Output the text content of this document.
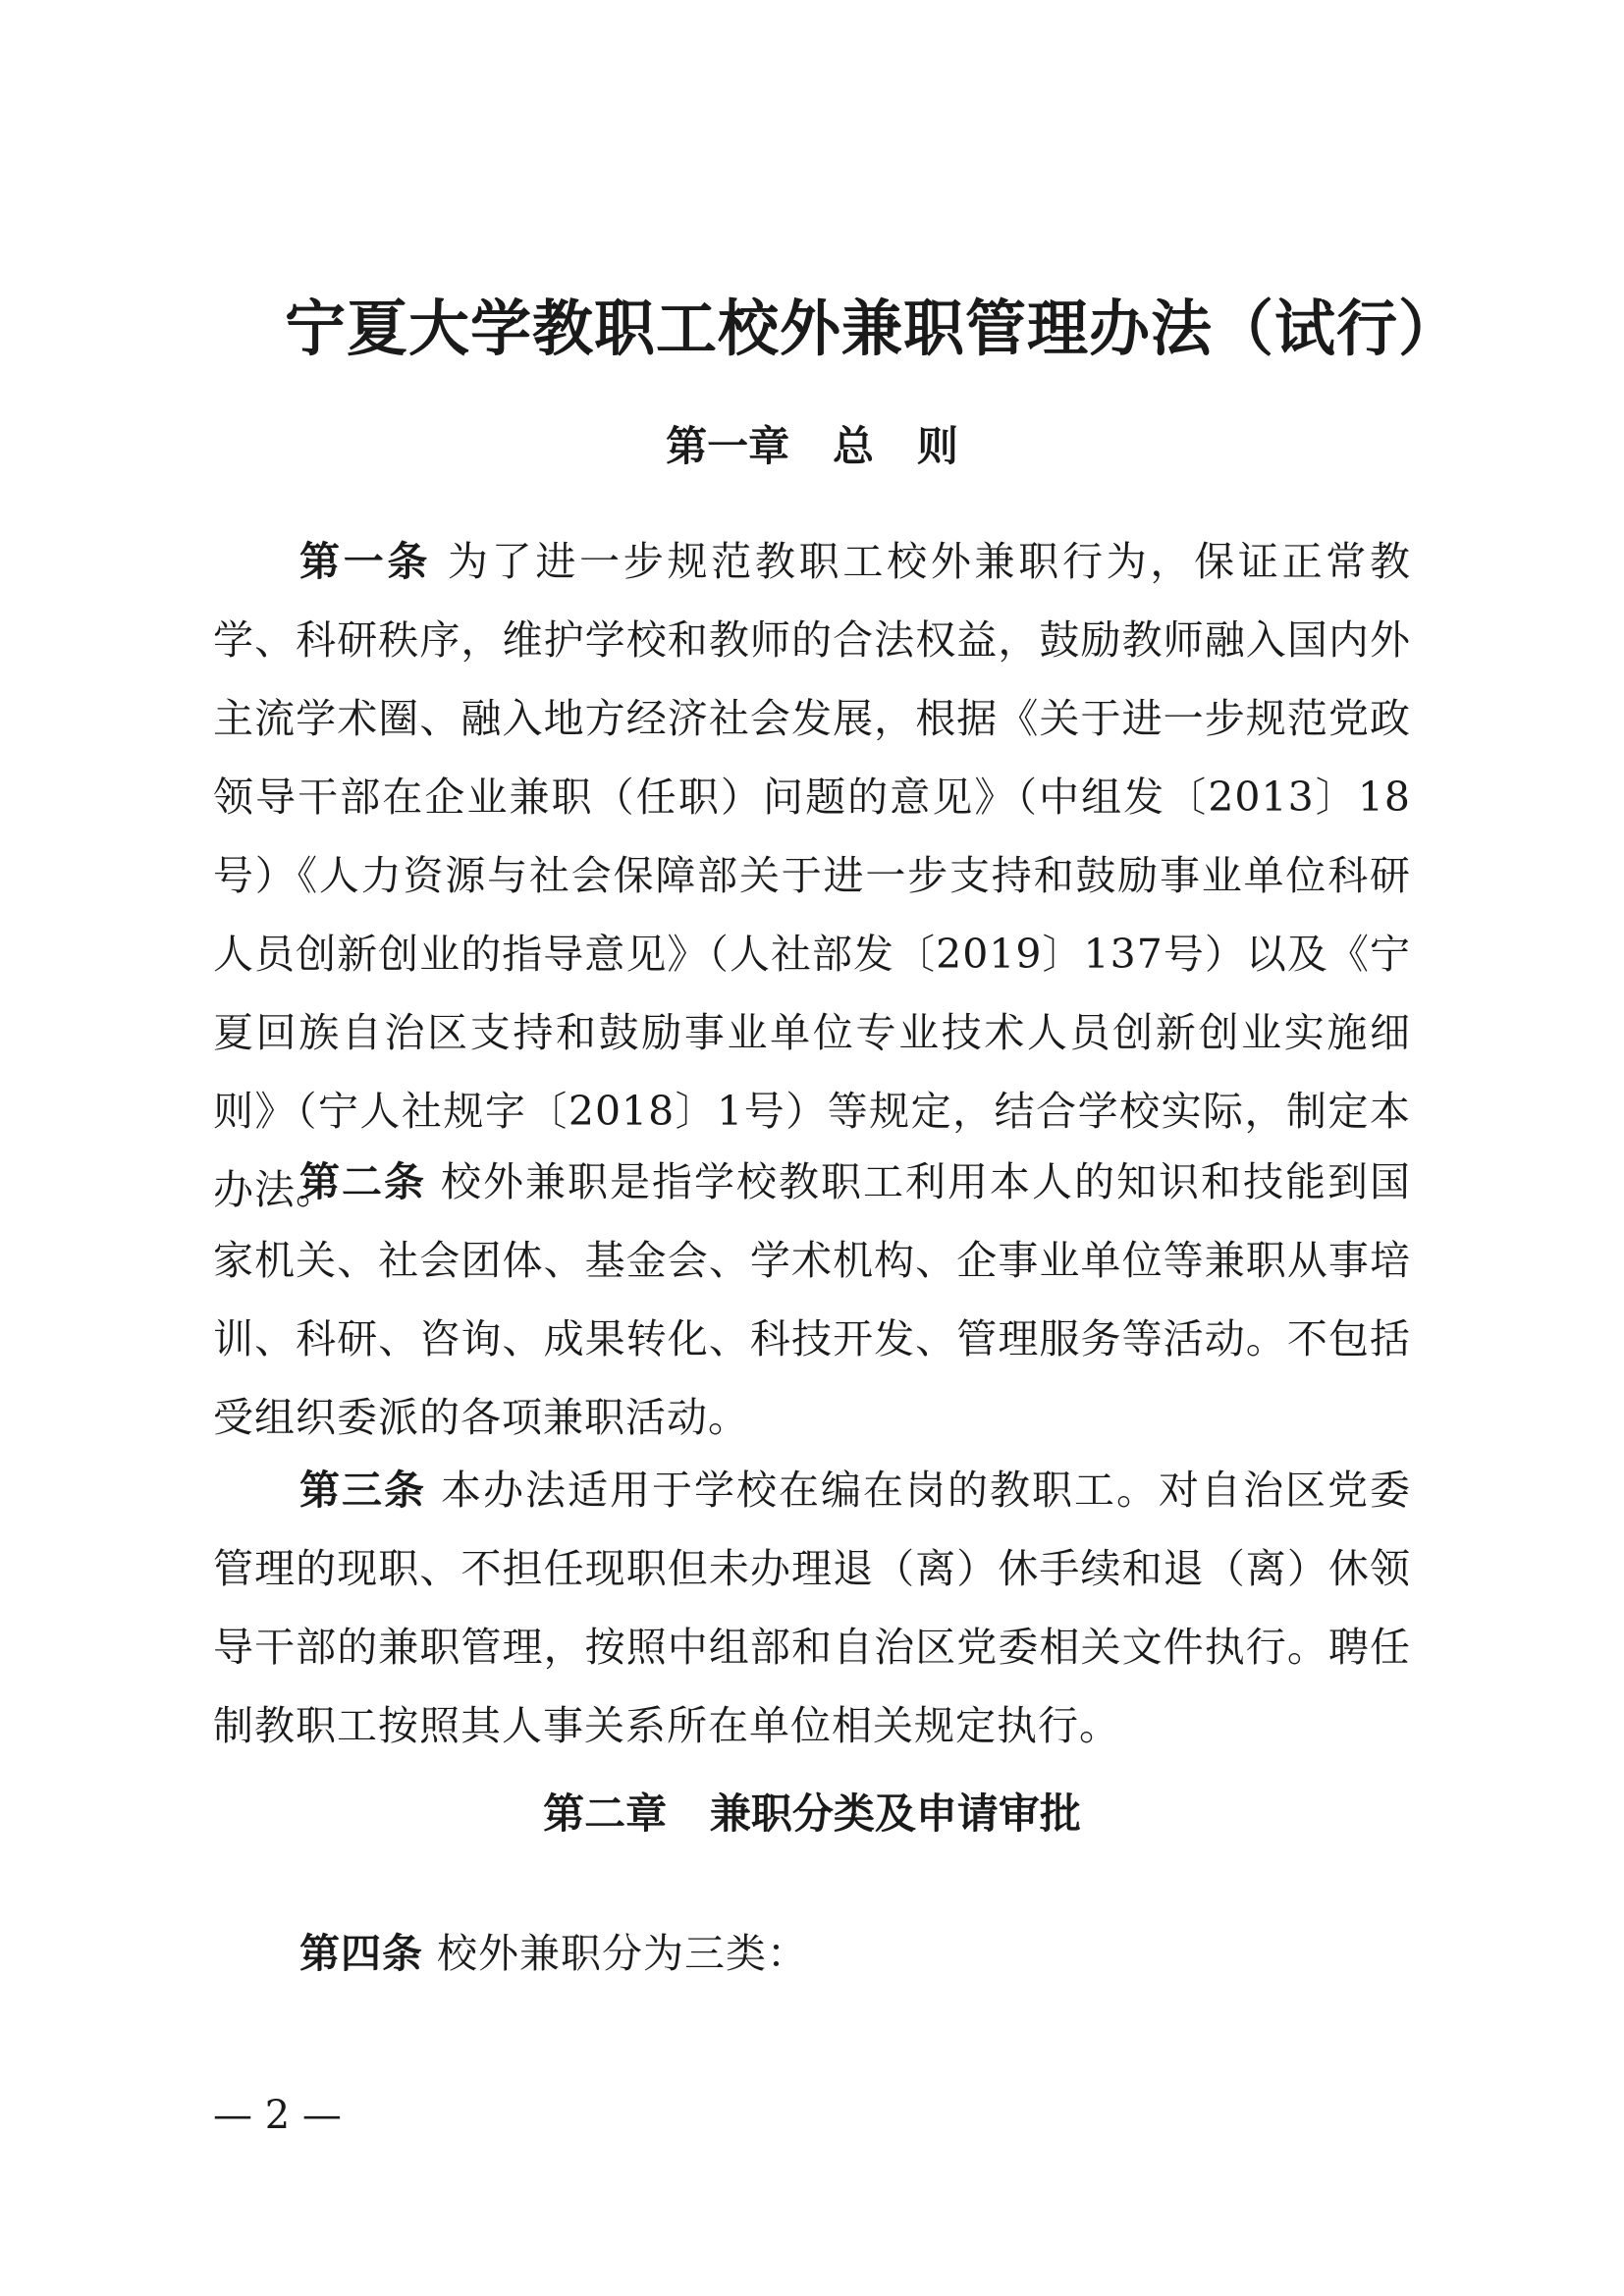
宁夏大学教职工校外兼职管理办法（试行）
第一章   总   则

第一条 为了进一步规范教职工校外兼职行为，保证正常教学、科研秩序，维护学校和教师的合法权益，鼓励教师融入国内外主流学术圈、融入地方经济社会发展，根据《关于进一步规范党政领导干部在企业兼职（任职）问题的意见》（中组发〔2013〕18号）《人力资源与社会保障部关于进一步支持和鼓励事业单位科研人员创新创业的指导意见》（人社部发〔2019〕137号）以及《宁夏回族自治区支持和鼓励事业单位专业技术人员创新创业实施细则》（宁人社规字〔2018〕1号）等规定，结合学校实际，制定本办法。

第二条 校外兼职是指学校教职工利用本人的知识和技能到国家机关、社会团体、基金会、学术机构、企事业单位等兼职从事培训、科研、咨询、成果转化、科技开发、管理服务等活动。不包括受组织委派的各项兼职活动。

第三条 本办法适用于学校在编在岗的教职工。对自治区党委管理的现职、不担任现职但未办理退（离）休手续和退（离）休领导干部的兼职管理，按照中组部和自治区党委相关文件执行。聘任制教职工按照其人事关系所在单位相关规定执行。

第二章   兼职分类及申请审批

第四条 校外兼职分为三类：

— 2 —
